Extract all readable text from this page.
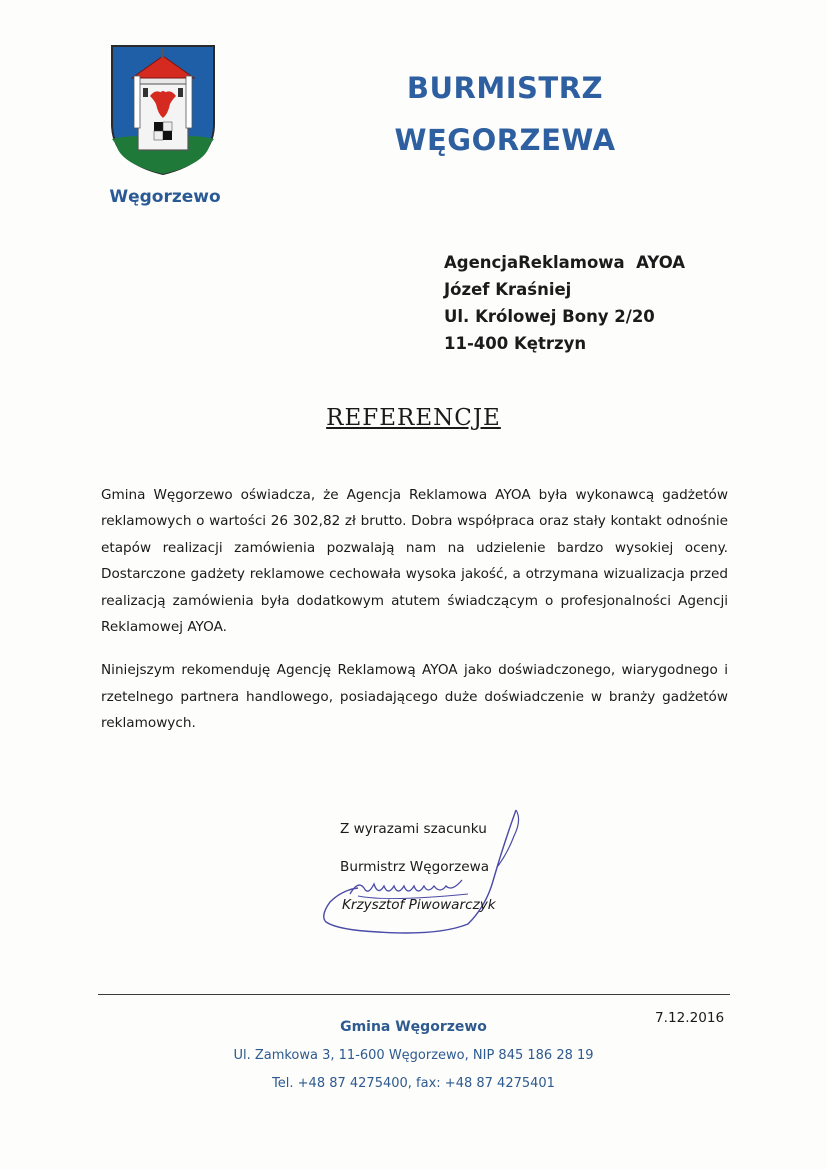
Węgorzewo
BURMISTRZ
WĘGORZEWA
AgencjaReklamowa  AYOA
Józef Kraśniej
Ul. Królowej Bony 2/20
11-400 Kętrzyn
REFERENCJE

Gmina Węgorzewo oświadcza, że Agencja Reklamowa AYOA była wykonawcą gadżetów reklamowych o wartości 26 302,82 zł brutto. Dobra współpraca oraz stały kontakt odnośnie etapów realizacji zamówienia pozwalają nam na udzielenie bardzo wysokiej oceny. Dostarczone gadżety reklamowe cechowała wysoka jakość, a otrzymana wizualizacja przed realizacją zamówienia była dodatkowym atutem świadczącym o profesjonalności Agencji Reklamowej AYOA.

Niniejszym rekomenduję Agencję Reklamową AYOA jako doświadczonego, wiarygodnego i rzetelnego partnera handlowego, posiadającego duże doświadczenie w branży gadżetów reklamowych.

Z wyrazami szacunku
Burmistrz Węgorzewa
Krzysztof Piwowarczyk
7.12.2016
Gmina Węgorzewo
Ul. Zamkowa 3, 11-600 Węgorzewo, NIP 845 186 28 19
Tel. +48 87 4275400, fax: +48 87 4275401
